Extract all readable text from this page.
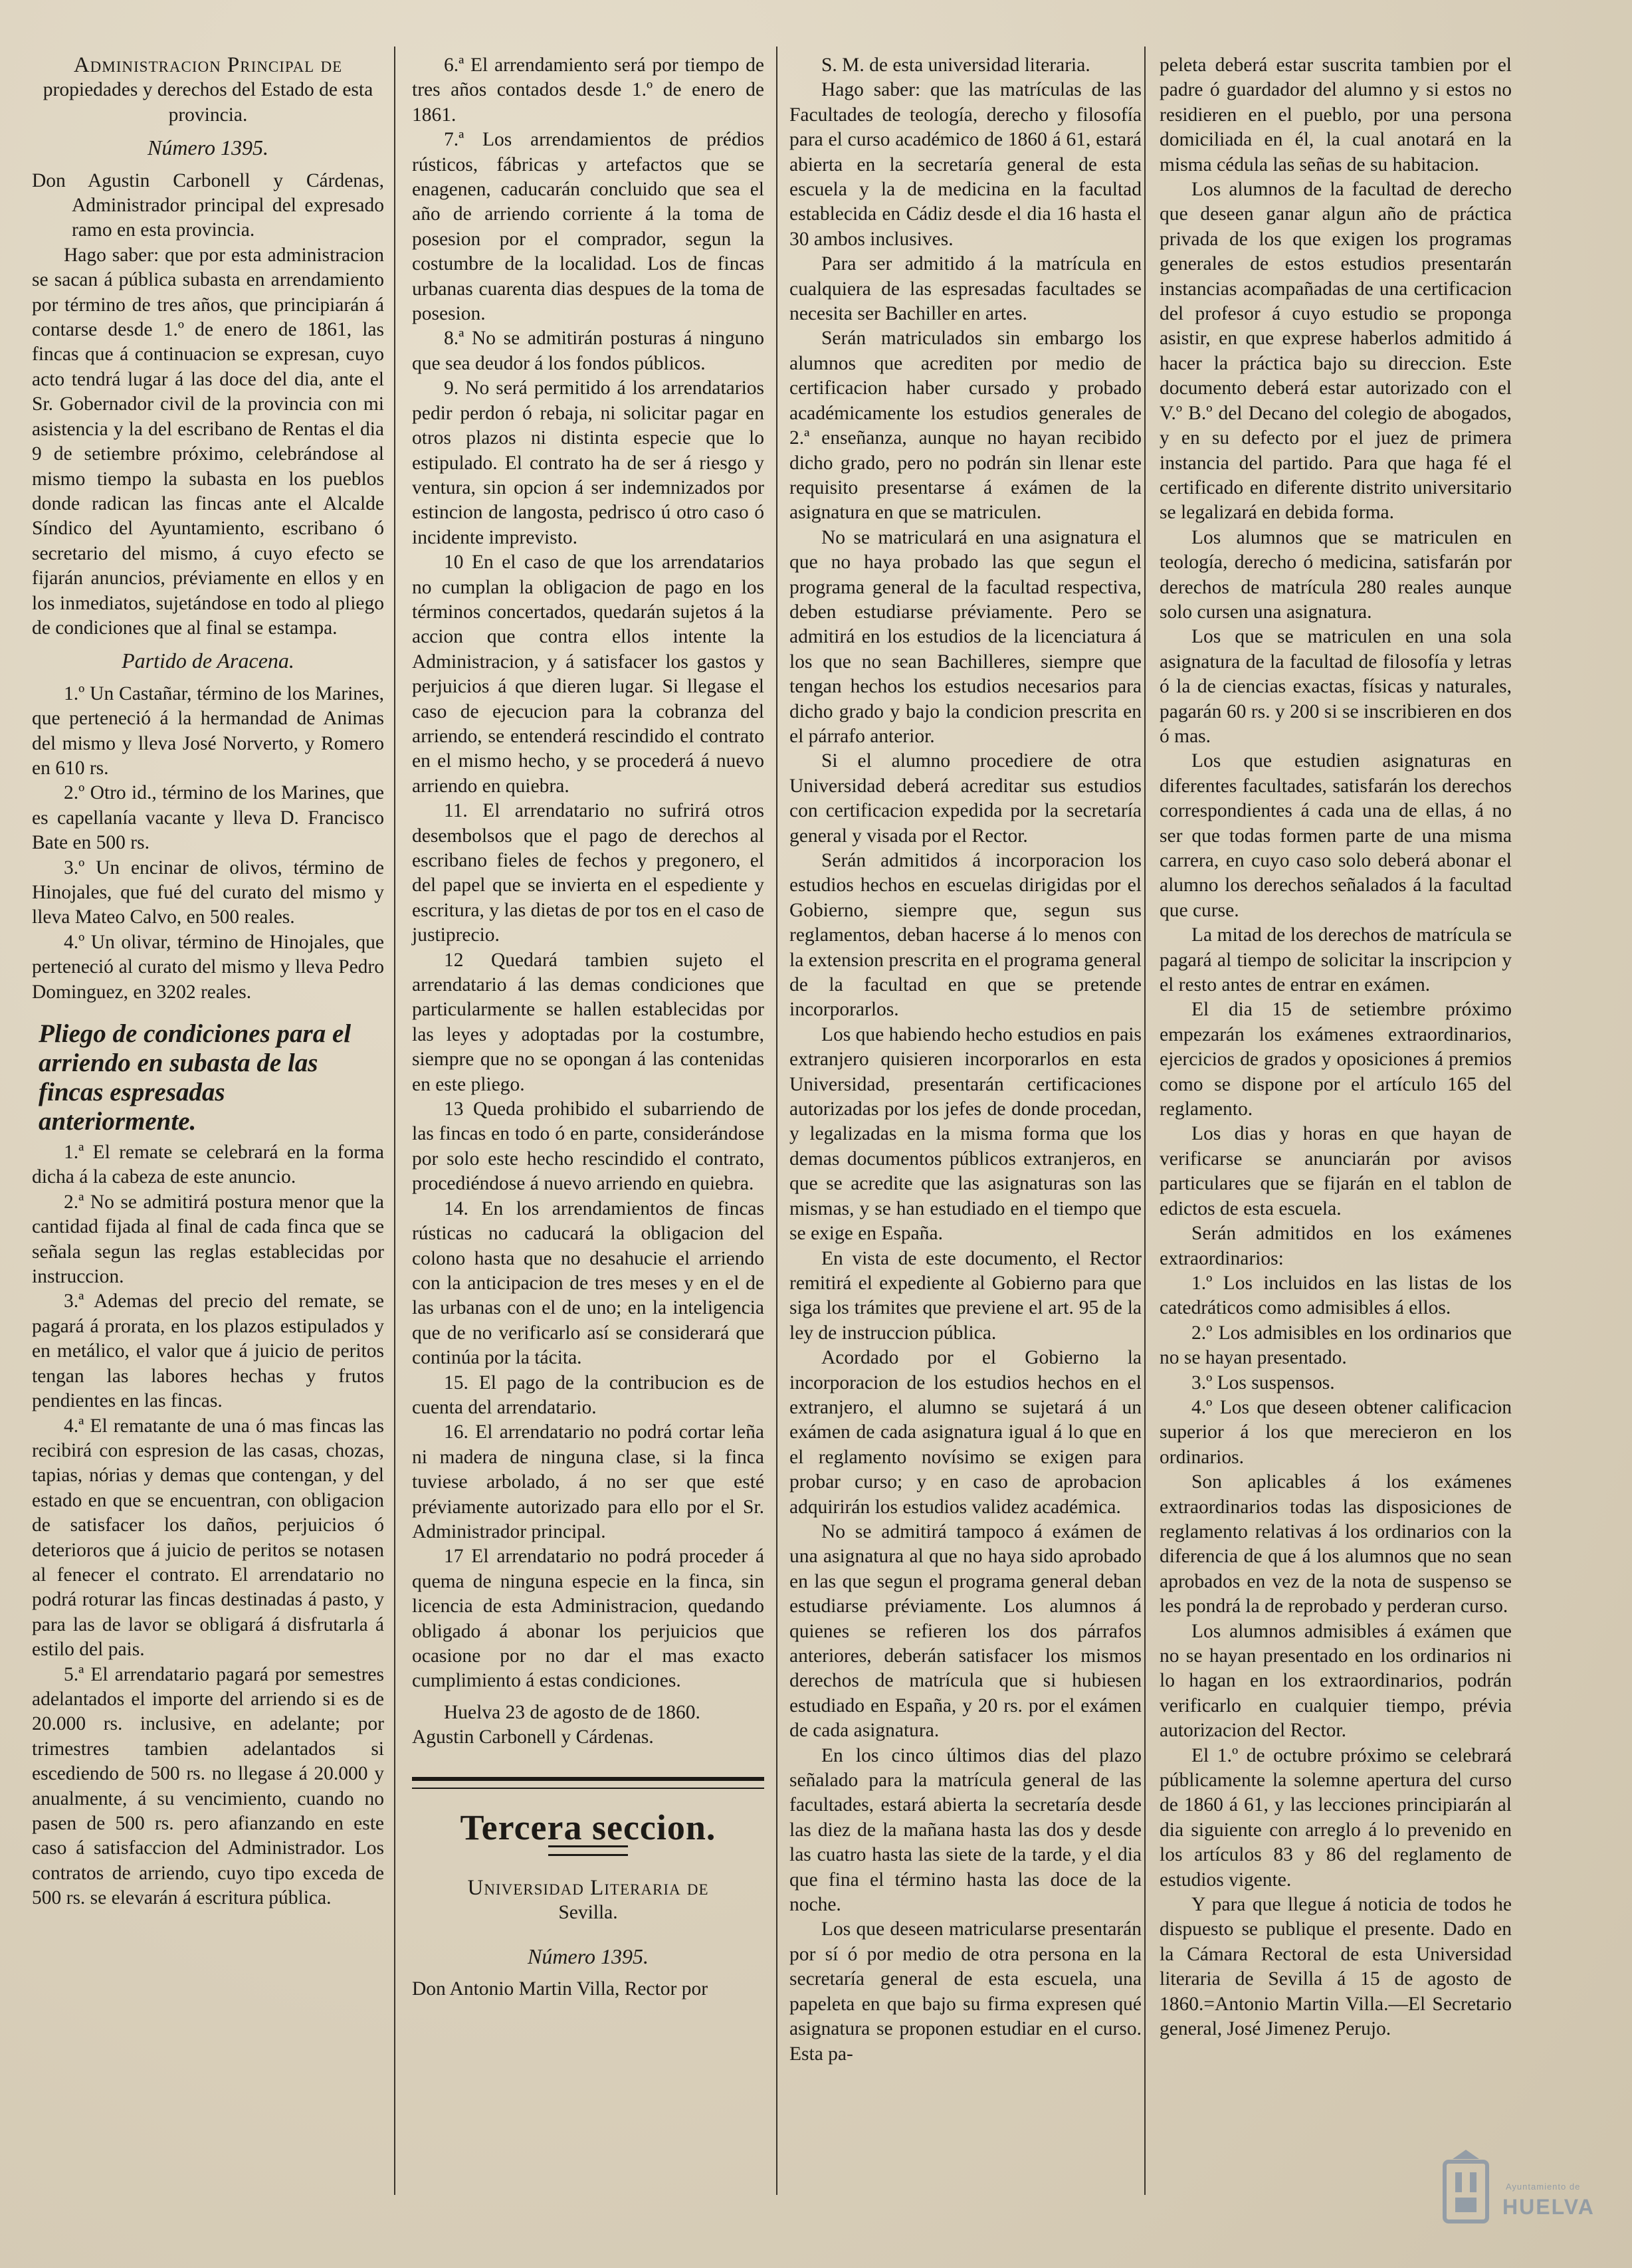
Administracion Principal de

propiedades y derechos del Estado de esta provincia.

Número 1395.

Don Agustin Carbonell y Cárdenas, Administrador principal del expresado ramo en esta provincia.

Hago saber: que por esta administracion se sacan á pública subasta en arrendamiento por término de tres años, que principiarán á contarse desde 1.º de enero de 1861, las fincas que á continuacion se expresan, cuyo acto tendrá lugar á las doce del dia, ante el Sr. Gobernador civil de la provincia con mi asistencia y la del escribano de Rentas el dia 9 de setiembre próximo, celebrándose al mismo tiempo la subasta en los pueblos donde radican las fincas ante el Alcalde Síndico del Ayuntamiento, escribano ó secretario del mismo, á cuyo efecto se fijarán anuncios, préviamente en ellos y en los inmediatos, sujetándose en todo al pliego de condiciones que al final se estampa.

Partido de Aracena.

1.º Un Castañar, término de los Marines, que perteneció á la hermandad de Animas del mismo y lleva José Norverto, y Romero en 610 rs.

2.º Otro id., término de los Marines, que es capellanía vacante y lleva D. Francisco Bate en 500 rs.

3.º Un encinar de olivos, término de Hinojales, que fué del curato del mismo y lleva Mateo Calvo, en 500 reales.

4.º Un olivar, término de Hinojales, que perteneció al curato del mismo y lleva Pedro Dominguez, en 3202 reales.

Pliego de condiciones para el arriendo en subasta de las fincas espresadas anteriormente.

1.ª El remate se celebrará en la forma dicha á la cabeza de este anuncio.

2.ª No se admitirá postura menor que la cantidad fijada al final de cada finca que se señala segun las reglas establecidas por instruccion.

3.ª Ademas del precio del remate, se pagará á prorata, en los plazos estipulados y en metálico, el valor que á juicio de peritos tengan las labores hechas y frutos pendientes en las fincas.

4.ª El rematante de una ó mas fincas las recibirá con espresion de las casas, chozas, tapias, nórias y demas que contengan, y del estado en que se encuentran, con obligacion de satisfacer los daños, perjuicios ó deterioros que á juicio de peritos se notasen al fenecer el contrato. El arrendatario no podrá roturar las fincas destinadas á pasto, y para las de lavor se obligará á disfrutarla á estilo del pais.

5.ª El arrendatario pagará por semestres adelantados el importe del arriendo si es de 20.000 rs. inclusive, en adelante; por trimestres tambien adelantados si escediendo de 500 rs. no llegase á 20.000 y anualmente, á su vencimiento, cuando no pasen de 500 rs. pero afianzando en este caso á satisfaccion del Administrador. Los contratos de arriendo, cuyo tipo exceda de 500 rs. se elevarán á escritura pública.

6.ª El arrendamiento será por tiempo de tres años contados desde 1.º de enero de 1861.

7.ª Los arrendamientos de prédios rústicos, fábricas y artefactos que se enagenen, caducarán concluido que sea el año de arriendo corriente á la toma de posesion por el comprador, segun la costumbre de la localidad. Los de fincas urbanas cuarenta dias despues de la toma de posesion.

8.ª No se admitirán posturas á ninguno que sea deudor á los fondos públicos.

9. No será permitido á los arrendatarios pedir perdon ó rebaja, ni solicitar pagar en otros plazos ni distinta especie que lo estipulado. El contrato ha de ser á riesgo y ventura, sin opcion á ser indemnizados por estincion de langosta, pedrisco ú otro caso ó incidente imprevisto.

10 En el caso de que los arrendatarios no cumplan la obligacion de pago en los términos concertados, quedarán sujetos á la accion que contra ellos intente la Administracion, y á satisfacer los gastos y perjuicios á que dieren lugar. Si llegase el caso de ejecucion para la cobranza del arriendo, se entenderá rescindido el contrato en el mismo hecho, y se procederá á nuevo arriendo en quiebra.

11. El arrendatario no sufrirá otros desembolsos que el pago de derechos al escribano fieles de fechos y pregonero, el del papel que se invierta en el espediente y escritura, y las dietas de por tos en el caso de justiprecio.

12 Quedará tambien sujeto el arrendatario á las demas condiciones que particularmente se hallen establecidas por las leyes y adoptadas por la costumbre, siempre que no se opongan á las contenidas en este pliego.

13 Queda prohibido el subarriendo de las fincas en todo ó en parte, considerándose por solo este hecho rescindido el contrato, procediéndose á nuevo arriendo en quiebra.

14. En los arrendamientos de fincas rústicas no caducará la obligacion del colono hasta que no desahucie el arriendo con la anticipacion de tres meses y en el de las urbanas con el de uno; en la inteligencia que de no verificarlo así se considerará que continúa por la tácita.

15. El pago de la contribucion es de cuenta del arrendatario.

16. El arrendatario no podrá cortar leña ni madera de ninguna clase, si la finca tuviese arbolado, á no ser que esté préviamente autorizado para ello por el Sr. Administrador principal.

17 El arrendatario no podrá proceder á quema de ninguna especie en la finca, sin licencia de esta Administracion, quedando obligado á abonar los perjuicios que ocasione por no dar el mas exacto cumplimiento á estas condiciones.

Huelva 23 de agosto de de 1860.

Agustin Carbonell y Cárdenas.

Tercera seccion.

Universidad Literaria de

Sevilla.

Número 1395.

Don Antonio Martin Villa, Rector por

S. M. de esta universidad literaria.

Hago saber: que las matrículas de las Facultades de teología, derecho y filosofía para el curso académico de 1860 á 61, estará abierta en la secretaría general de esta escuela y la de medicina en la facultad establecida en Cádiz desde el dia 16 hasta el 30 ambos inclusives.

Para ser admitido á la matrícula en cualquiera de las espresadas facultades se necesita ser Bachiller en artes.

Serán matriculados sin embargo los alumnos que acrediten por medio de certificacion haber cursado y probado académicamente los estudios generales de 2.ª enseñanza, aunque no hayan recibido dicho grado, pero no podrán sin llenar este requisito presentarse á exámen de la asignatura en que se matriculen.

No se matriculará en una asignatura el que no haya probado las que segun el programa general de la facultad respectiva, deben estudiarse préviamente. Pero se admitirá en los estudios de la licenciatura á los que no sean Bachilleres, siempre que tengan hechos los estudios necesarios para dicho grado y bajo la condicion prescrita en el párrafo anterior.

Si el alumno procediere de otra Universidad deberá acreditar sus estudios con certificacion expedida por la secretaría general y visada por el Rector.

Serán admitidos á incorporacion los estudios hechos en escuelas dirigidas por el Gobierno, siempre que, segun sus reglamentos, deban hacerse á lo menos con la extension prescrita en el programa general de la facultad en que se pretende incorporarlos.

Los que habiendo hecho estudios en pais extranjero quisieren incorporarlos en esta Universidad, presentarán certificaciones autorizadas por los jefes de donde procedan, y legalizadas en la misma forma que los demas documentos públicos extranjeros, en que se acredite que las asignaturas son las mismas, y se han estudiado en el tiempo que se exige en España.

En vista de este documento, el Rector remitirá el expediente al Gobierno para que siga los trámites que previene el art. 95 de la ley de instruccion pública.

Acordado por el Gobierno la incorporacion de los estudios hechos en el extranjero, el alumno se sujetará á un exámen de cada asignatura igual á lo que en el reglamento novísimo se exigen para probar curso; y en caso de aprobacion adquirirán los estudios validez académica.

No se admitirá tampoco á exámen de una asignatura al que no haya sido aprobado en las que segun el programa general deban estudiarse préviamente. Los alumnos á quienes se refieren los dos párrafos anteriores, deberán satisfacer los mismos derechos de matrícula que si hubiesen estudiado en España, y 20 rs. por el exámen de cada asignatura.

En los cinco últimos dias del plazo señalado para la matrícula general de las facultades, estará abierta la secretaría desde las diez de la mañana hasta las dos y desde las cuatro hasta las siete de la tarde, y el dia que fina el término hasta las doce de la noche.

Los que deseen matricularse presentarán por sí ó por medio de otra persona en la secretaría general de esta escuela, una papeleta en que bajo su firma expresen qué asignatura se proponen estudiar en el curso. Esta pa-

peleta deberá estar suscrita tambien por el padre ó guardador del alumno y si estos no residieren en el pueblo, por una persona domiciliada en él, la cual anotará en la misma cédula las señas de su habitacion.

Los alumnos de la facultad de derecho que deseen ganar algun año de práctica privada de los que exigen los programas generales de estos estudios presentarán instancias acompañadas de una certificacion del profesor á cuyo estudio se proponga asistir, en que exprese haberlos admitido á hacer la práctica bajo su direccion. Este documento deberá estar autorizado con el V.º B.º del Decano del colegio de abogados, y en su defecto por el juez de primera instancia del partido. Para que haga fé el certificado en diferente distrito universitario se legalizará en debida forma.

Los alumnos que se matriculen en teología, derecho ó medicina, satisfarán por derechos de matrícula 280 reales aunque solo cursen una asignatura.

Los que se matriculen en una sola asignatura de la facultad de filosofía y letras ó la de ciencias exactas, físicas y naturales, pagarán 60 rs. y 200 si se inscribieren en dos ó mas.

Los que estudien asignaturas en diferentes facultades, satisfarán los derechos correspondientes á cada una de ellas, á no ser que todas formen parte de una misma carrera, en cuyo caso solo deberá abonar el alumno los derechos señalados á la facultad que curse.

La mitad de los derechos de matrícula se pagará al tiempo de solicitar la inscripcion y el resto antes de entrar en exámen.

El dia 15 de setiembre próximo empezarán los exámenes extraordinarios, ejercicios de grados y oposiciones á premios como se dispone por el artículo 165 del reglamento.

Los dias y horas en que hayan de verificarse se anunciarán por avisos particulares que se fijarán en el tablon de edictos de esta escuela.

Serán admitidos en los exámenes extraordinarios:

1.º Los incluidos en las listas de los catedráticos como admisibles á ellos.

2.º Los admisibles en los ordinarios que no se hayan presentado.

3.º Los suspensos.

4.º Los que deseen obtener calificacion superior á los que merecieron en los ordinarios.

Son aplicables á los exámenes extraordinarios todas las disposiciones de reglamento relativas á los ordinarios con la diferencia de que á los alumnos que no sean aprobados en vez de la nota de suspenso se les pondrá la de reprobado y perderan curso.

Los alumnos admisibles á exámen que no se hayan presentado en los ordinarios ni lo hagan en los extraordinarios, podrán verificarlo en cualquier tiempo, prévia autorizacion del Rector.

El 1.º de octubre próximo se celebrará públicamente la solemne apertura del curso de 1860 á 61, y las lecciones principiarán al dia siguiente con arreglo á lo prevenido en los artículos 83 y 86 del reglamento de estudios vigente.

Y para que llegue á noticia de todos he dispuesto se publique el presente. Dado en la Cámara Rectoral de esta Universidad literaria de Sevilla á 15 de agosto de 1860.=Antonio Martin Villa.—El Secretario general, José Jimenez Perujo.

Ayuntamiento de
HUELVA
